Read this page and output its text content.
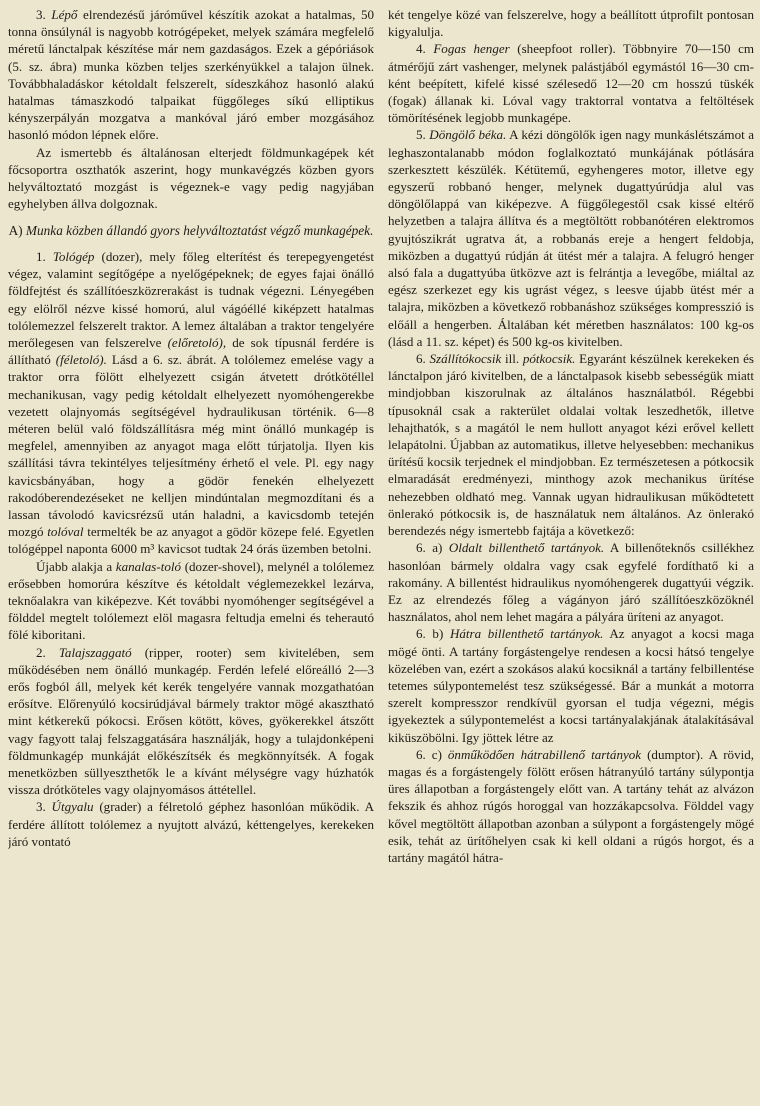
3. Lépő elrendezésű járóművel készítik azokat a hatalmas, 50 tonna önsúlynál is nagyobb kotrógépeket, melyek számára megfelelő méretű lánctalpak készítése már nem gazdaságos. Ezek a gépóriások (5. sz. ábra) munka közben teljes szerkényükkel a talajon ülnek. Továbbhaladáskor kétoldalt felszerelt, sídeszkához hasonló alakú hatalmas támaszkodó talpaikat függőleges síkú elliptikus kényszerpályán mozgatva a mankóval járó ember mozgásához hasonló módon lépnek előre.

Az ismertebb és általánosan elterjedt földmunkagépek két főcsoportra oszthatók aszerint, hogy munkavégzés közben gyors helyváltoztató mozgást is végeznek-e vagy pedig nagyjában egyhelyben állva dolgoznak.

A) Munka közben állandó gyors helyváltoztatást végző munkagépek.

1. Tológép (dozer), mely főleg elterítést és terepegyengetést végez, valamint segítőgépe a nyelőgépeknek; de egyes fajai önálló földfejtést és szállítóeszközrerakást is tudnak végezni. Lényegében egy elölről nézve kissé homorú, alul vágóéllé kiképzett hatalmas tolólemezzel felszerelt traktor. A lemez általában a traktor tengelyére merőlegesen van felszerelve (előretoló), de sok típusnál ferdére is állítható (féletoló). Lásd a 6. sz. ábrát. A tolólemez emelése vagy a traktor orra fölött elhelyezett csigán átvetett drótkötéllel mechanikusan, vagy pedig kétoldalt elhelyezett nyomóhengerekbe vezetett olajnyomás segítségével hydraulikusan történik. 6—8 méteren belül való földszállításra még mint önálló munkagép is megfelel, amennyiben az anyagot maga előtt túrjatolja. Ilyen kis szállítási távra tekintélyes teljesítmény érhető el vele. Pl. egy nagy kavicsbányában, hogy a gödör fenekén elhelyezett rakodóberendezéseket ne kelljen mindúntalan megmozdítani és a lassan távolodó kavicsrézsű után haladni, a kavicsdomb tetején mozgó tolóval termelték be az anyagot a gödör közepe felé. Egyetlen tológéppel naponta 6000 m³ kavicsot tudtak 24 órás üzemben betolni.

Újabb alakja a kanalas-toló (dozer-shovel), melynél a tolólemez erősebben homorúra készítve és kétoldalt véglemezekkel lezárva, teknőalakra van kiképezve. Két további nyomóhenger segítségével a földdel megtelt tolólemezt elöl magasra feltudja emelni és teherautó fölé kiboritani.

2. Talajszaggató (ripper, rooter) sem kivitelében, sem működésében nem önálló munkagép. Ferdén lefelé előreálló 2—3 erős fogból áll, melyek két kerék tengelyére vannak mozgathatóan erősítve. Előrenyúló kocsirúdjával bármely traktor mögé akasztható mint kétkerekű pókocsi. Erősen kötött, köves, gyökerekkel átszőtt vagy fagyott talaj felszaggatására használják, hogy a tulajdonképeni földmunkagép munkáját előkészítsék és megkönnyítsék. A fogak menetközben süllyeszthetők le a kívánt mélységre vagy húzhatók vissza drótköteles vagy olajnyomásos áttétellel.

3. Útgyalu (grader) a félretoló géphez hasonlóan működik. A ferdére állított tolólemez a nyujtott alvázú, kéttengelyes, kerekeken járó vontató

két tengelye közé van felszerelve, hogy a beállított útprofilt pontosan kigyalulja.

4. Fogas henger (sheepfoot roller). Többnyire 70—150 cm átmérőjű zárt vashenger, melynek palástjából egymástól 16—30 cm-ként beépített, kifelé kissé szélesedő 12—20 cm hosszú tüskék (fogak) állanak ki. Lóval vagy traktorral vontatva a feltöltések tömörítésének legjobb munkagépe.

5. Döngölő béka. A kézi döngölők igen nagy munkáslétszámot a leghaszontalanabb módon foglalkoztató munkájának pótlására szerkesztett készülék. Kétütemű, egyhengeres motor, illetve egy egyszerű robbanó henger, melynek dugattyúrúdja alul vas döngölőlappá van kiképezve. A függőlegestől csak kissé eltérő helyzetben a talajra állítva és a megtöltött robbanótéren elektromos gyujtószikrát ugratva át, a robbanás ereje a hengert feldobja, miközben a dugattyú rúdján át ütést mér a talajra. A felugró henger alsó fala a dugattyúba ütközve azt is felrántja a levegőbe, miáltal az egész szerkezet egy kis ugrást végez, s leesve újabb ütést mér a talajra, miközben a következő robbanáshoz szükséges kompresszió is előáll a hengerben. Általában két méretben használatos: 100 kg-os (lásd a 11. sz. képet) és 500 kg-os kivitelben.

6. Szállítókocsik ill. pótkocsik. Egyaránt készülnek kerekeken és lánctalpon járó kivitelben, de a lánctalpasok kisebb sebességük miatt mindjobban kiszorulnak az általános használatból. Régebbi típusoknál csak a rakterület oldalai voltak leszedhetők, illetve lehajthatók, s a magától le nem hullott anyagot kézi erővel kellett lelapátolni. Újabban az automatikus, illetve helyesebben: mechanikus ürítésű kocsik terjednek el mindjobban. Ez természetesen a pótkocsik elmaradását eredményezi, minthogy azok mechanikus ürítése nehezebben oldható meg. Vannak ugyan hidraulikusan működtetett önlerakó pótkocsik is, de használatuk nem általános. Az önlerakó berendezés négy ismertebb fajtája a következő:

6. a) Oldalt billenthető tartányok. A billenőteknős csillékhez hasonlóan bármely oldalra vagy csak egyfelé fordíthatő ki a rakomány. A billentést hidraulikus nyomóhengerek dugattyúi végzik. Ez az elrendezés főleg a vágányon járó szállítóeszközöknél használatos, ahol nem lehet magára a pályára üríteni az anyagot.

6. b) Hátra billenthető tartányok. Az anyagot a kocsi maga mögé önti. A tartány forgástengelye rendesen a kocsi hátsó tengelye közelében van, ezért a szokásos alakú kocsiknál a tartány felbillentése tetemes súlypontemelést tesz szükségessé. Bár a munkát a motorra szerelt kompresszor rendkívül gyorsan el tudja végezni, mégis igyekeztek a súlypontemelést a kocsi tartányalakjának átalakításával kiküszöbölni. Igy jöttek létre az

6. c) önműködően hátrabillenő tartányok (dumptor). A rövid, magas és a forgástengely fölött erősen hátranyúló tartány súlypontja üres állapotban a forgástengely előtt van. A tartány tehát az alvázon fekszik és ahhoz rúgós horoggal van hozzákapcsolva. Földdel vagy kővel megtöltött állapotban azonban a súlypont a forgástengely mögé esik, tehát az ürítőhelyen csak ki kell oldani a rúgós horgot, és a tartány magától hátra-
